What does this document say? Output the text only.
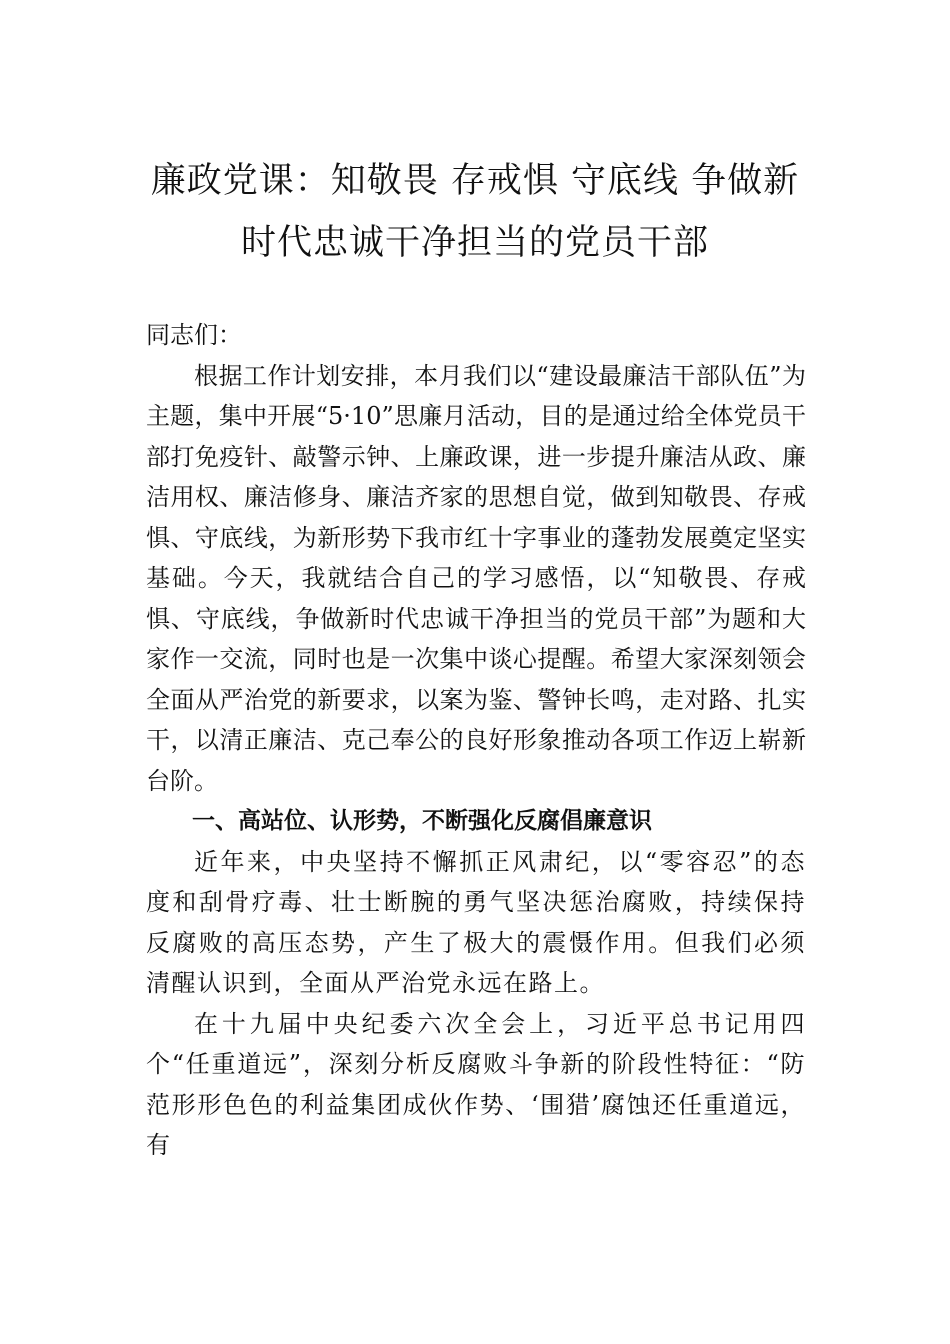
廉政党课：知敬畏 存戒惧 守底线 争做新
时代忠诚干净担当的党员干部

同志们：

根据工作计划安排，本月我们以“建设最廉洁干部队伍”为主题，集中开展“5·10”思廉月活动，目的是通过给全体党员干部打免疫针、敲警示钟、上廉政课，进一步提升廉洁从政、廉洁用权、廉洁修身、廉洁齐家的思想自觉，做到知敬畏、存戒惧、守底线，为新形势下我市红十字事业的蓬勃发展奠定坚实基础。今天，我就结合自己的学习感悟，以“知敬畏、存戒惧、守底线，争做新时代忠诚干净担当的党员干部”为题和大家作一交流，同时也是一次集中谈心提醒。希望大家深刻领会全面从严治党的新要求，以案为鉴、警钟长鸣，走对路、扎实干，以清正廉洁、克己奉公的良好形象推动各项工作迈上崭新台阶。

一、高站位、认形势，不断强化反腐倡廉意识

近年来，中央坚持不懈抓正风肃纪，以“零容忍”的态度和刮骨疗毒、壮士断腕的勇气坚决惩治腐败，持续保持反腐败的高压态势，产生了极大的震慑作用。但我们必须清醒认识到，全面从严治党永远在路上。

在十九届中央纪委六次全会上，习近平总书记用四个“任重道远”，深刻分析反腐败斗争新的阶段性特征：“防范形形色色的利益集团成伙作势、‘围猎’腐蚀还任重道远，有
